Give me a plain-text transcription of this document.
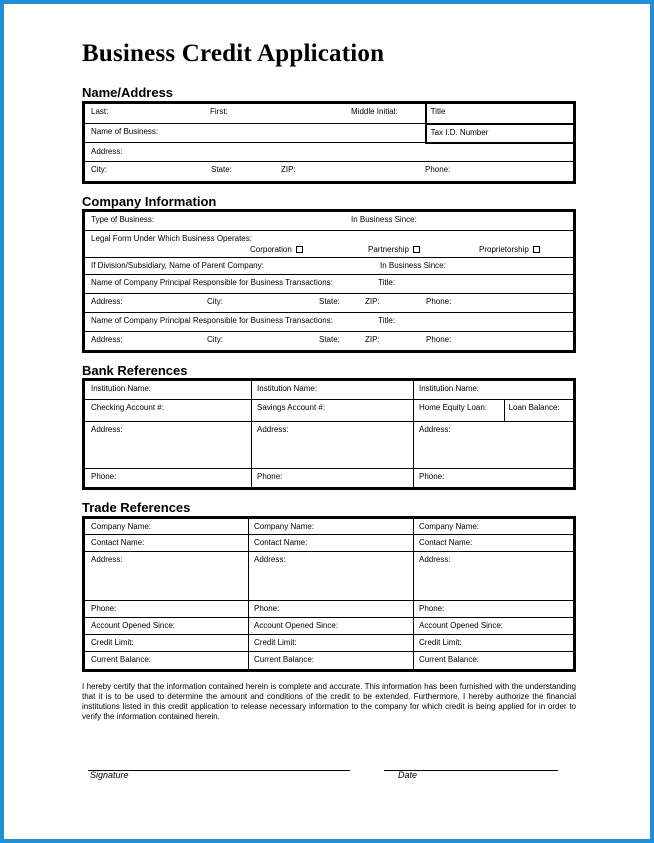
Business Credit Application
Name/Address
Last: First: Middle Initial:	Title

Name of Business:	Tax I.D. Number

Address:	

City: State: ZIP: Phone:	
Company Information
Type of Business:	In Business Since:

Legal Form Under Which Business Operates:
Corporation	Partnership	Proprietorship

If Division/Subsidiary, Name of Parent Company:	In Business Since:

Name of Company Principal Responsible for Business Transactions:	Title:

Address:	City:	State:	ZIP:	Phone:

Name of Company Principal Responsible for Business Transactions:	Title:

Address:	City:	State:	ZIP:	Phone:
Bank References
Institution Name:	Institution Name:	Institution Name:	

Checking Account #:	Savings Account #:	Home Equity Loan:	Loan Balance:

Address:	Address:	Address:	

Phone:	Phone:	Phone:	
Trade References
Company Name:	Company Name:	Company Name:

Contact Name:	Contact Name:	Contact Name:

Address:	Address:	Address:

Phone:	Phone:	Phone:

Account Opened Since:	Account Opened Since:	Account Opened Since:

Credit Limit:	Credit Limit:	Credit Limit:

Current Balance:	Current Balance:	Current Balance:

I hereby certify that the information contained herein is complete and accurate. This information has been furnished with the understanding that it is to be used to determine the amount and conditions of the credit to be extended. Furthermore, I hereby authorize the financial institutions listed in this credit application to release necessary information to the company for which credit is being applied for in order to verify the information contained herein.

Signature	Date
